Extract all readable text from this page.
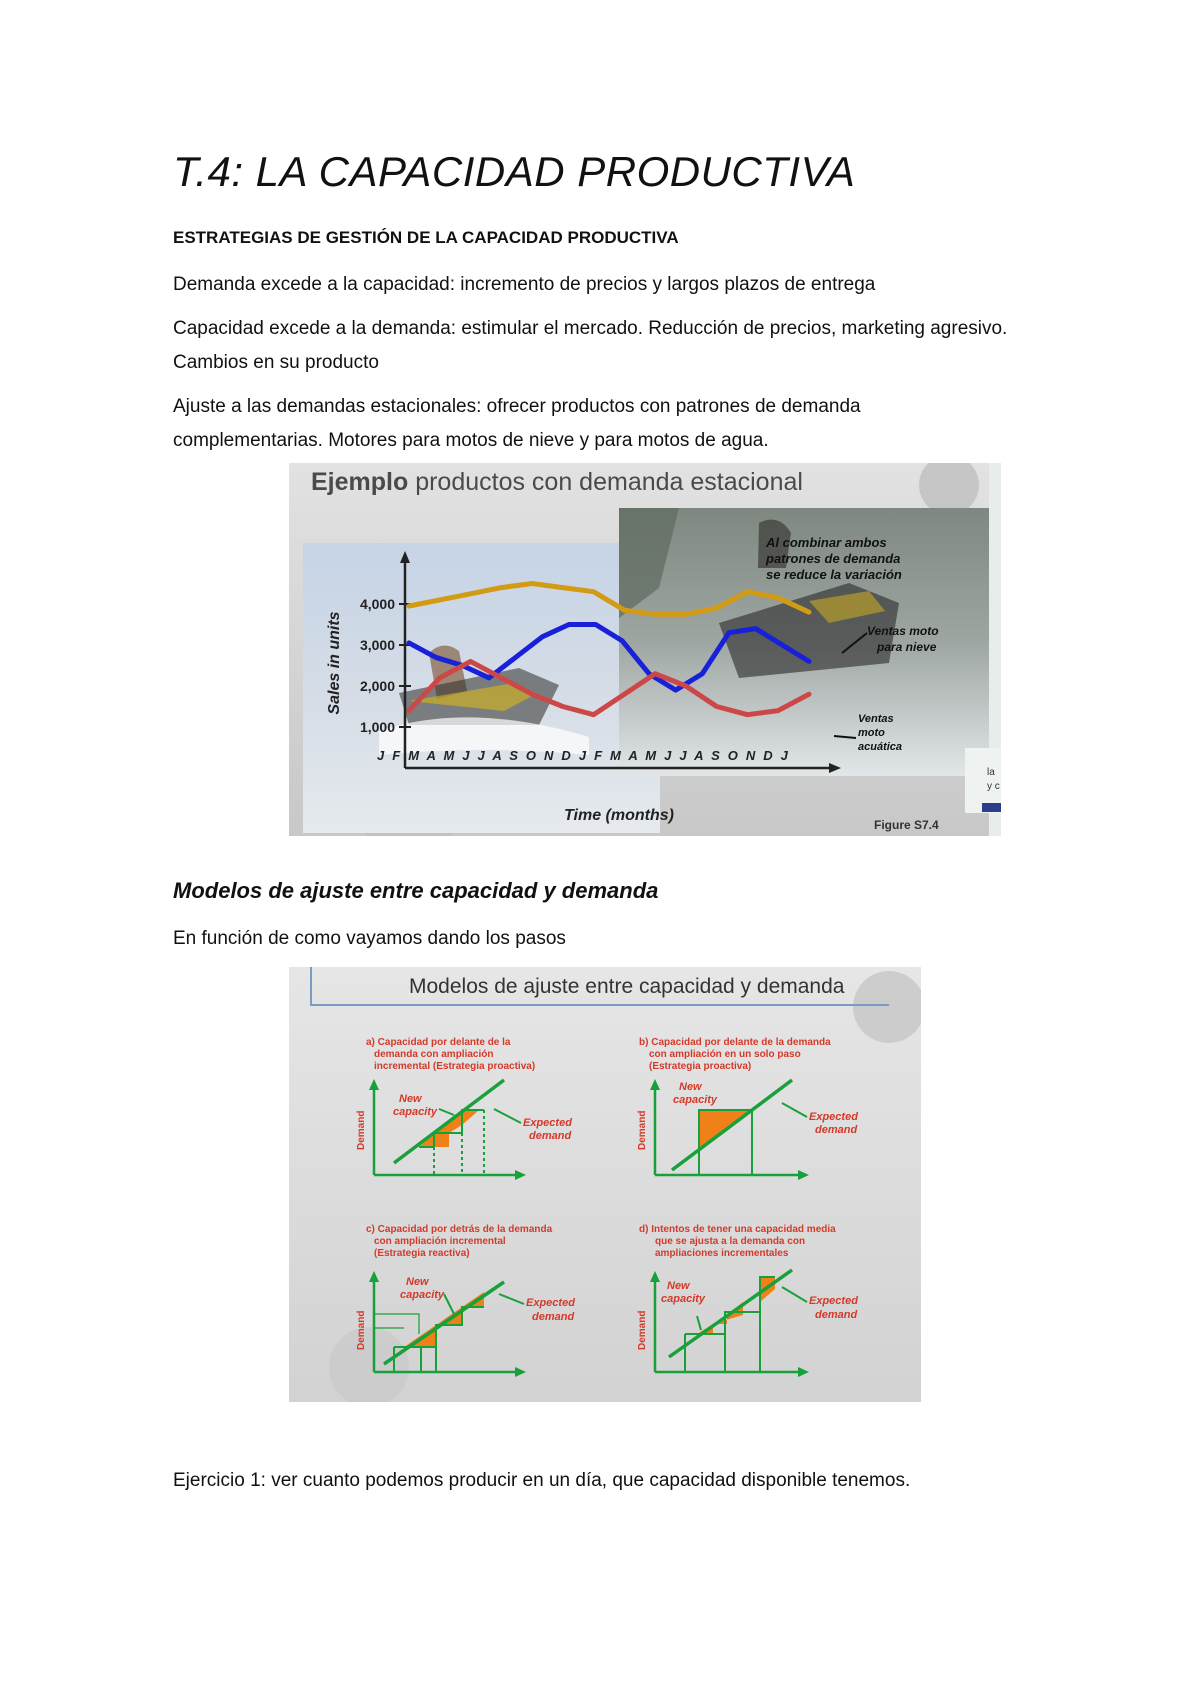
T.4: LA CAPACIDAD PRODUCTIVA
ESTRATEGIAS DE GESTIÓN DE LA CAPACIDAD PRODUCTIVA
Demanda excede a la capacidad: incremento de precios y largos plazos de entrega
Capacidad excede a la demanda: estimular el mercado. Reducción de precios, marketing agresivo. Cambios en su producto
Ajuste a las demandas estacionales: ofrecer productos con patrones de demanda complementarias. Motores para motos de nieve y para motos de agua.
la
y c
Ejemplo productos con demanda estacional
1,000
2,000
3,000
4,000
Sales in units
J F M A M J J A S O N D J F M A M J J A S O N D J
Time (months)
Al combinar ambos patrones de demanda se reduce la variación
Ventas moto para nieve
Ventas moto acuática
Figure S7.4
Modelos de ajuste entre capacidad y demanda
En función de como vayamos dando los pasos
Modelos de ajuste entre capacidad y demanda
a) Capacidad por delante de la demanda con ampliación incremental (Estrategia proactiva)
Demand
New capacity
Expected demand
b) Capacidad por delante de la demanda con ampliación en un solo paso (Estrategia proactiva)
Demand
New capacity
Expected demand
c) Capacidad por detrás de la demanda con ampliación incremental (Estrategia reactiva)
Demand
New capacity
Expected demand
d) Intentos de tener una capacidad media que se ajusta a la demanda con ampliaciones incrementales
Demand
New capacity	Expected demand
Ejercicio 1: ver cuanto podemos producir en un día, que capacidad disponible tenemos.
